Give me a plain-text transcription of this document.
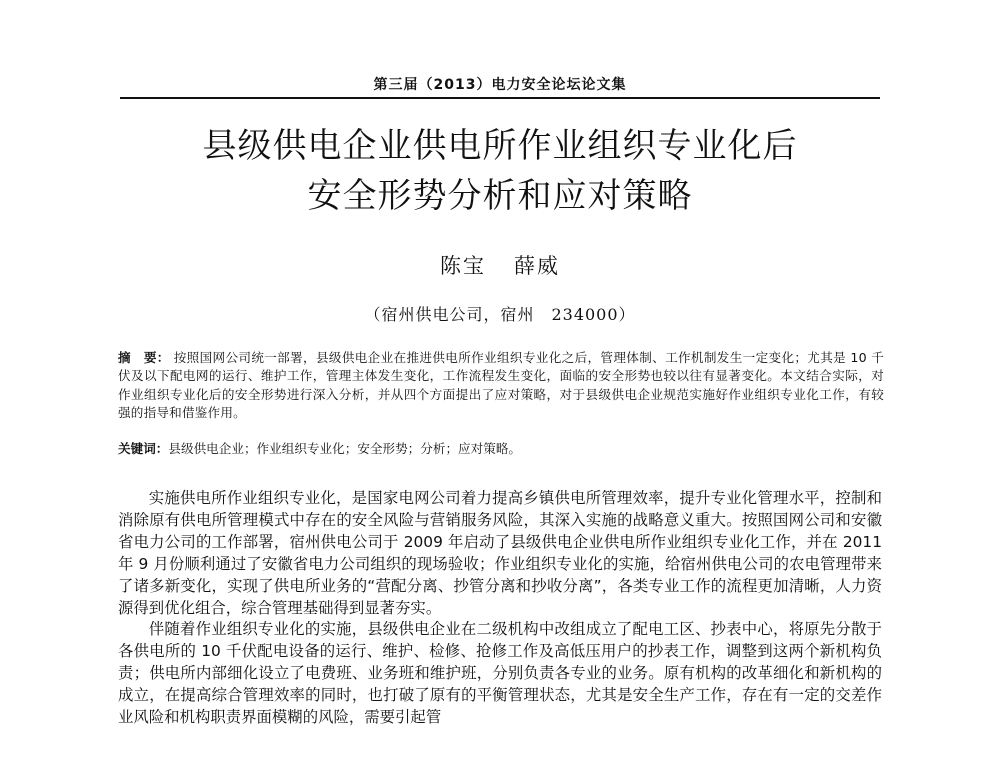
第三届（2013）电力安全论坛论文集
县级供电企业供电所作业组织专业化后
安全形势分析和应对策略
陈宝 薛威
（宿州供电公司，宿州　234000）
摘　要： 按照国网公司统一部署，县级供电企业在推进供电所作业组织专业化之后，管理体制、工作机制发生一定变化；尤其是 10 千伏及以下配电网的运行、维护工作，管理主体发生变化，工作流程发生变化，面临的安全形势也较以往有显著变化。本文结合实际，对作业组织专业化后的安全形势进行深入分析，并从四个方面提出了应对策略，对于县级供电企业规范实施好作业组织专业化工作，有较强的指导和借鉴作用。
关键词：县级供电企业；作业组织专业化；安全形势；分析；应对策略。

实施供电所作业组织专业化，是国家电网公司着力提高乡镇供电所管理效率，提升专业化管理水平，控制和消除原有供电所管理模式中存在的安全风险与营销服务风险，其深入实施的战略意义重大。按照国网公司和安徽省电力公司的工作部署，宿州供电公司于 2009 年启动了县级供电企业供电所作业组织专业化工作，并在 2011 年 9 月份顺利通过了安徽省电力公司组织的现场验收；作业组织专业化的实施，给宿州供电公司的农电管理带来了诸多新变化，实现了供电所业务的“营配分离、抄管分离和抄收分离”，各类专业工作的流程更加清晰，人力资源得到优化组合，综合管理基础得到显著夯实。

伴随着作业组织专业化的实施，县级供电企业在二级机构中改组成立了配电工区、抄表中心，将原先分散于各供电所的 10 千伏配电设备的运行、维护、检修、抢修工作及高低压用户的抄表工作，调整到这两个新机构负责；供电所内部细化设立了电费班、业务班和维护班，分别负责各专业的业务。原有机构的改革细化和新机构的成立，在提高综合管理效率的同时，也打破了原有的平衡管理状态，尤其是安全生产工作，存在有一定的交差作业风险和机构职责界面模糊的风险，需要引起管
